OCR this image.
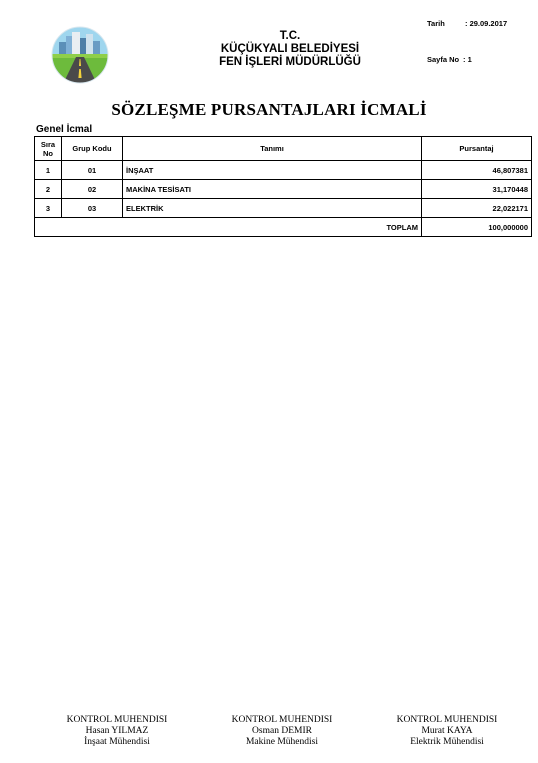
T.C.
KÜÇÜKYALI BELEDİYESİ
FEN İŞLERİ MÜDÜRLÜĞÜ
Tarih	: 29.09.2017
Sayfa No : 1
SÖZLEŞME PURSANTAJLARI İCMALİ
Genel İcmal
Sıra
No	Grup Kodu	Tanımı	Pursantaj
1	01	İNŞAAT	46,807381
2	02	MAKİNA TESİSATI	31,170448
3	03	ELEKTRİK	22,022171
TOPLAM			100,000000
KONTROL MUHENDISI
Hasan YILMAZ
İnşaat Mühendisi
KONTROL MUHENDISI
Osman DEMIR
Makine Mühendisi
KONTROL MUHENDISI
Murat KAYA
Elektrik Mühendisi
